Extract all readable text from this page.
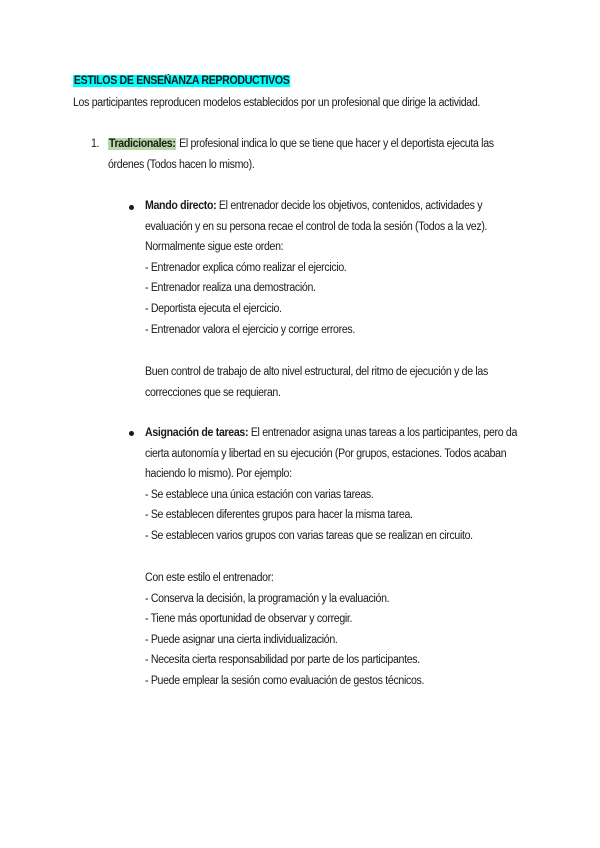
ESTILOS DE ENSEÑANZA REPRODUCTIVOS
Los participantes reproducen modelos establecidos por un profesional que dirige la actividad.
1. Tradicionales: El profesional indica lo que se tiene que hacer y el deportista ejecuta las
órdenes (Todos hacen lo mismo).
Mando directo: El entrenador decide los objetivos, contenidos, actividades y
evaluación y en su persona recae el control de toda la sesión (Todos a la vez).
Normalmente sigue este orden:
- Entrenador explica cómo realizar el ejercicio.
- Entrenador realiza una demostración.
- Deportista ejecuta el ejercicio.
- Entrenador valora el ejercicio y corrige errores.
Buen control de trabajo de alto nivel estructural, del ritmo de ejecución y de las
correcciones que se requieran.
Asignación de tareas: El entrenador asigna unas tareas a los participantes, pero da
cierta autonomía y libertad en su ejecución (Por grupos, estaciones. Todos acaban
haciendo lo mismo). Por ejemplo:
- Se establece una única estación con varias tareas.
- Se establecen diferentes grupos para hacer la misma tarea.
- Se establecen varios grupos con varias tareas que se realizan en circuito.
Con este estilo el entrenador:
- Conserva la decisión, la programación y la evaluación.
- Tiene más oportunidad de observar y corregir.
- Puede asignar una cierta individualización.
- Necesita cierta responsabilidad por parte de los participantes.
- Puede emplear la sesión como evaluación de gestos técnicos.
